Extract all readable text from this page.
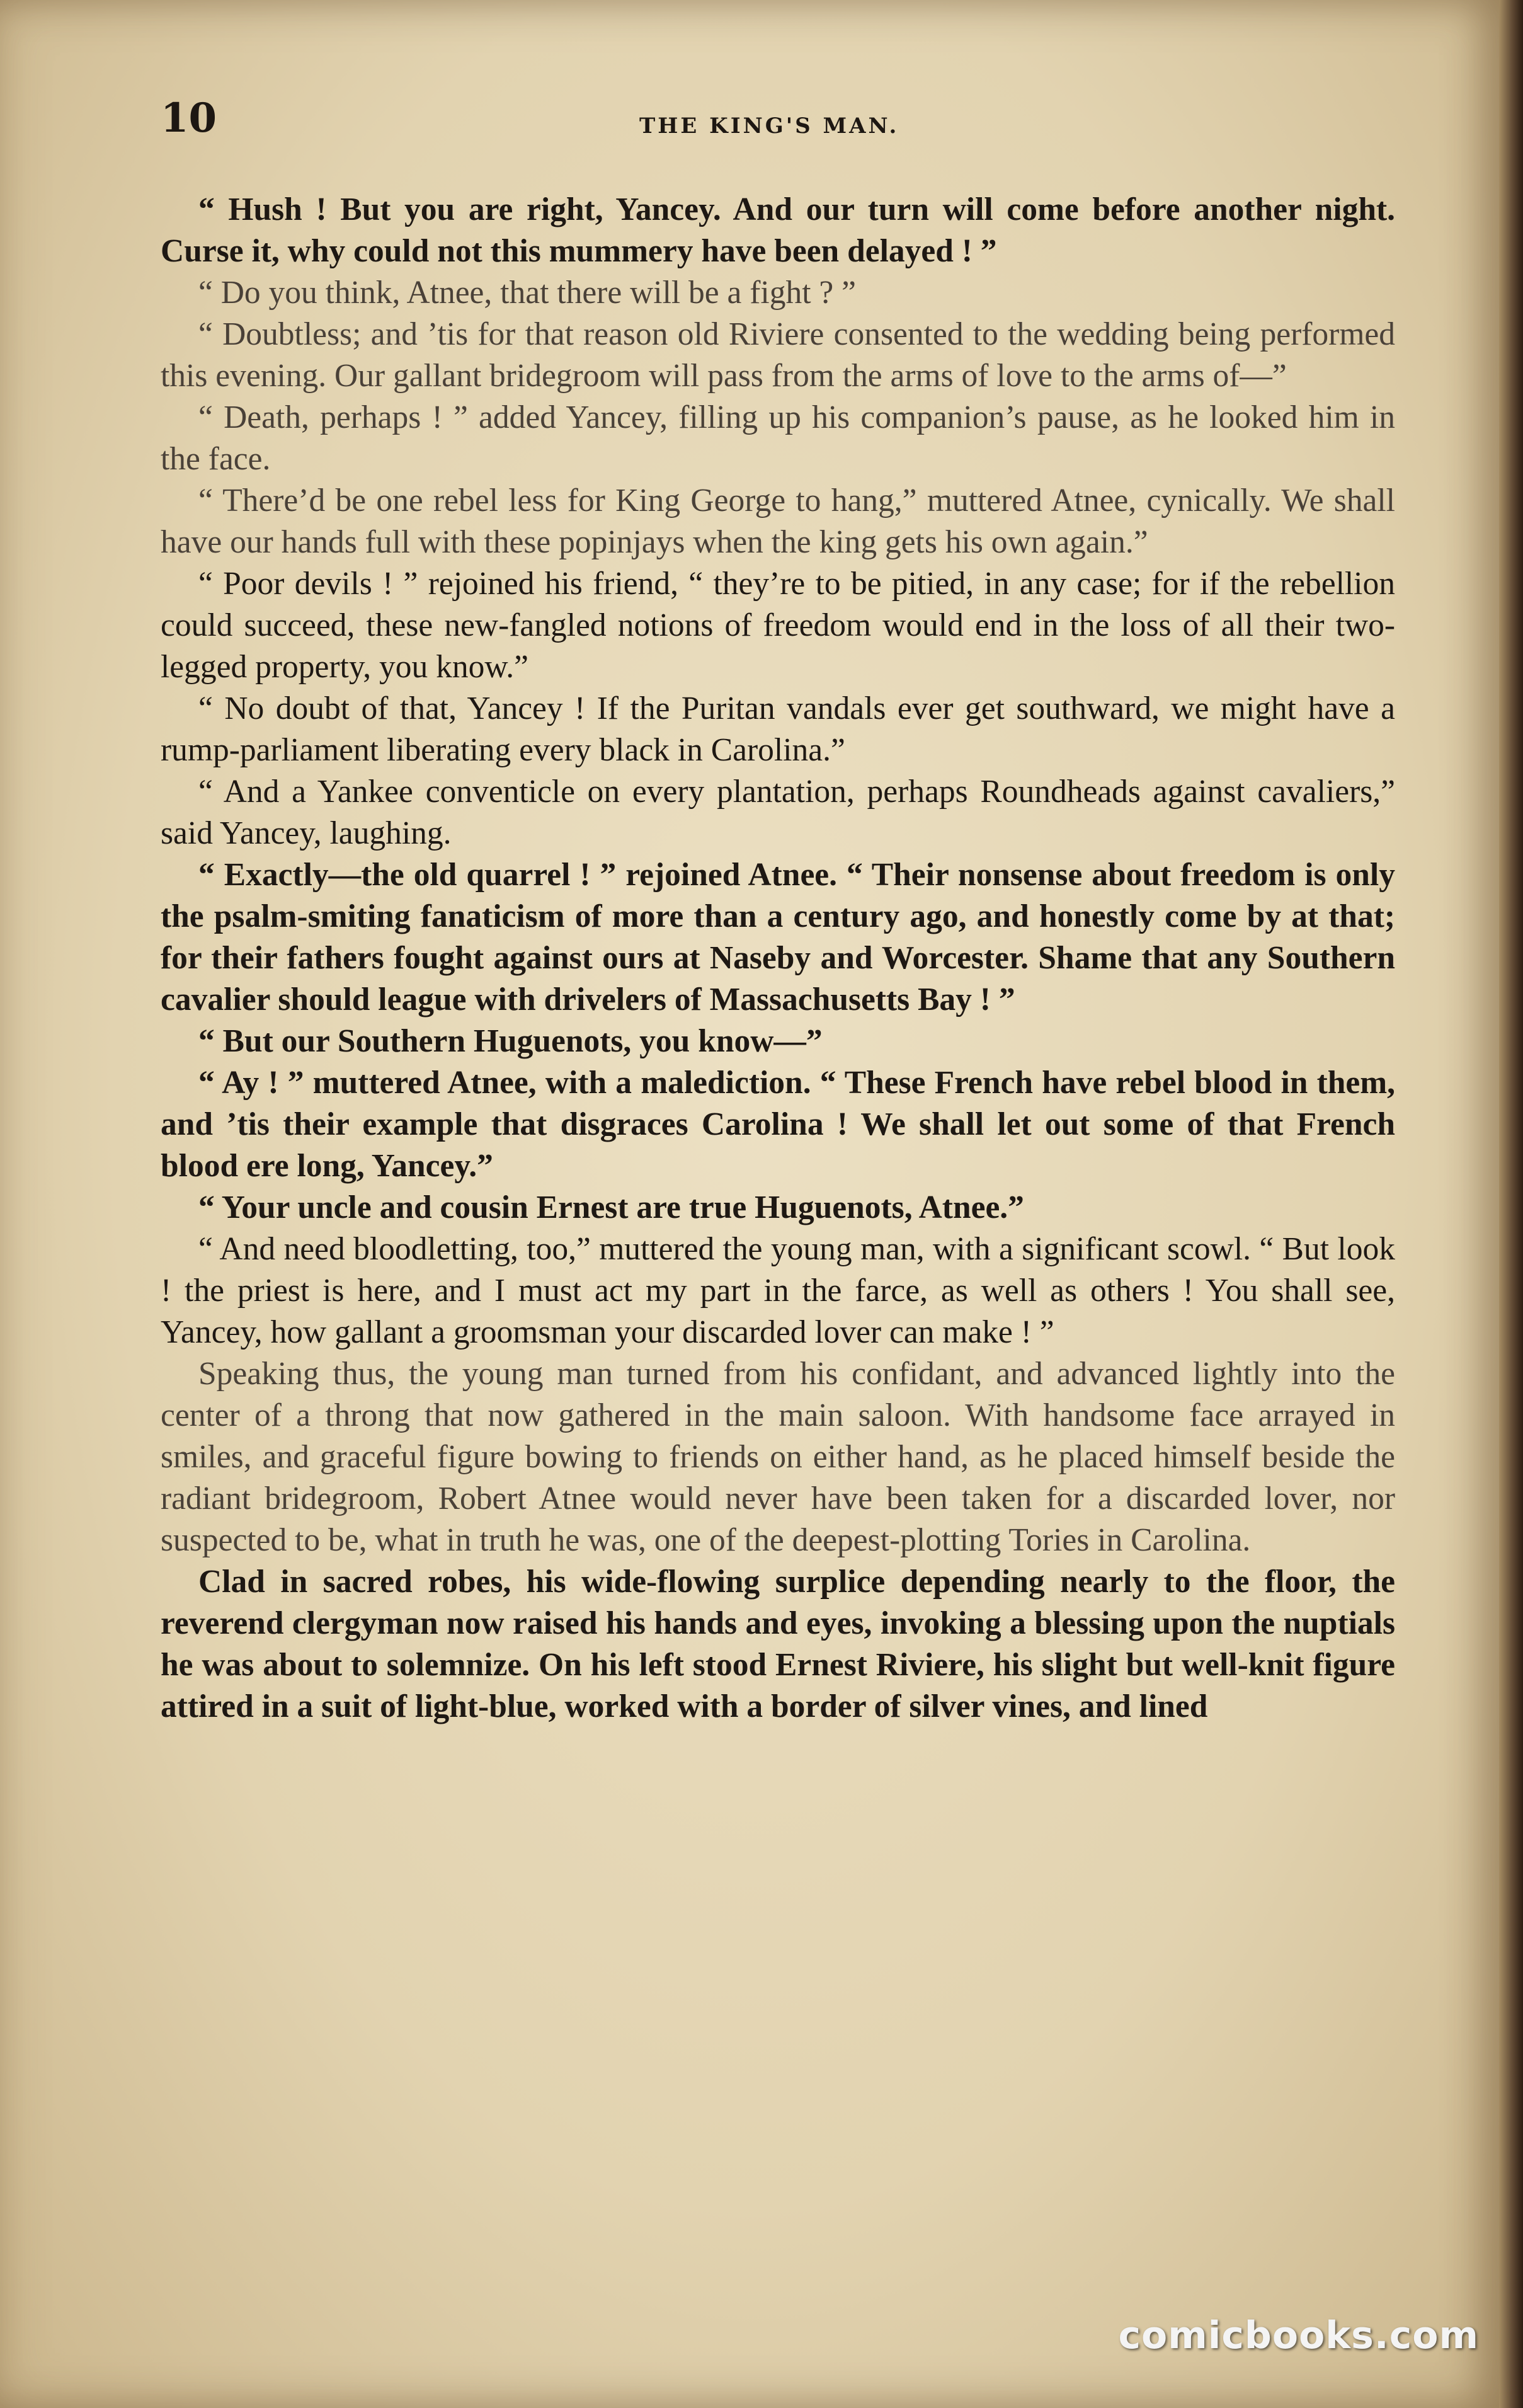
10	THE KING'S MAN.

“ Hush ! But you are right, Yancey. And our turn will come before another night. Curse it, why could not this mummery have been delayed ! ”

“ Do you think, Atnee, that there will be a fight ? ”

“ Doubtless; and ’tis for that reason old Riviere consented to the wedding being performed this evening. Our gallant bridegroom will pass from the arms of love to the arms of—”

“ Death, perhaps ! ” added Yancey, filling up his companion’s pause, as he looked him in the face.

“ There’d be one rebel less for King George to hang,” muttered Atnee, cynically. We shall have our hands full with these popinjays when the king gets his own again.”

“ Poor devils ! ” rejoined his friend, “ they’re to be pitied, in any case; for if the rebellion could succeed, these new-fangled notions of freedom would end in the loss of all their two-legged property, you know.”

“ No doubt of that, Yancey ! If the Puritan vandals ever get southward, we might have a rump-parliament liberating every black in Carolina.”

“ And a Yankee conventicle on every plantation, perhaps Roundheads against cavaliers,” said Yancey, laughing.

“ Exactly—the old quarrel ! ” rejoined Atnee. “ Their nonsense about freedom is only the psalm-smiting fanaticism of more than a century ago, and honestly come by at that; for their fathers fought against ours at Naseby and Worcester. Shame that any Southern cavalier should league with drivelers of Massachusetts Bay ! ”

“ But our Southern Huguenots, you know—”

“ Ay ! ” muttered Atnee, with a malediction. “ These French have rebel blood in them, and ’tis their example that disgraces Carolina ! We shall let out some of that French blood ere long, Yancey.”

“ Your uncle and cousin Ernest are true Huguenots, Atnee.”

“ And need bloodletting, too,” muttered the young man, with a significant scowl. “ But look ! the priest is here, and I must act my part in the farce, as well as others ! You shall see, Yancey, how gallant a groomsman your discarded lover can make ! ”

Speaking thus, the young man turned from his confidant, and advanced lightly into the center of a throng that now gathered in the main saloon. With handsome face arrayed in smiles, and graceful figure bowing to friends on either hand, as he placed himself beside the radiant bridegroom, Robert Atnee would never have been taken for a discarded lover, nor suspected to be, what in truth he was, one of the deepest-plotting Tories in Carolina.

Clad in sacred robes, his wide-flowing surplice depending nearly to the floor, the reverend clergyman now raised his hands and eyes, invoking a blessing upon the nuptials he was about to solemnize. On his left stood Ernest Riviere, his slight but well-knit figure attired in a suit of light-blue, worked with a border of silver vines, and lined

comicbooks.com
